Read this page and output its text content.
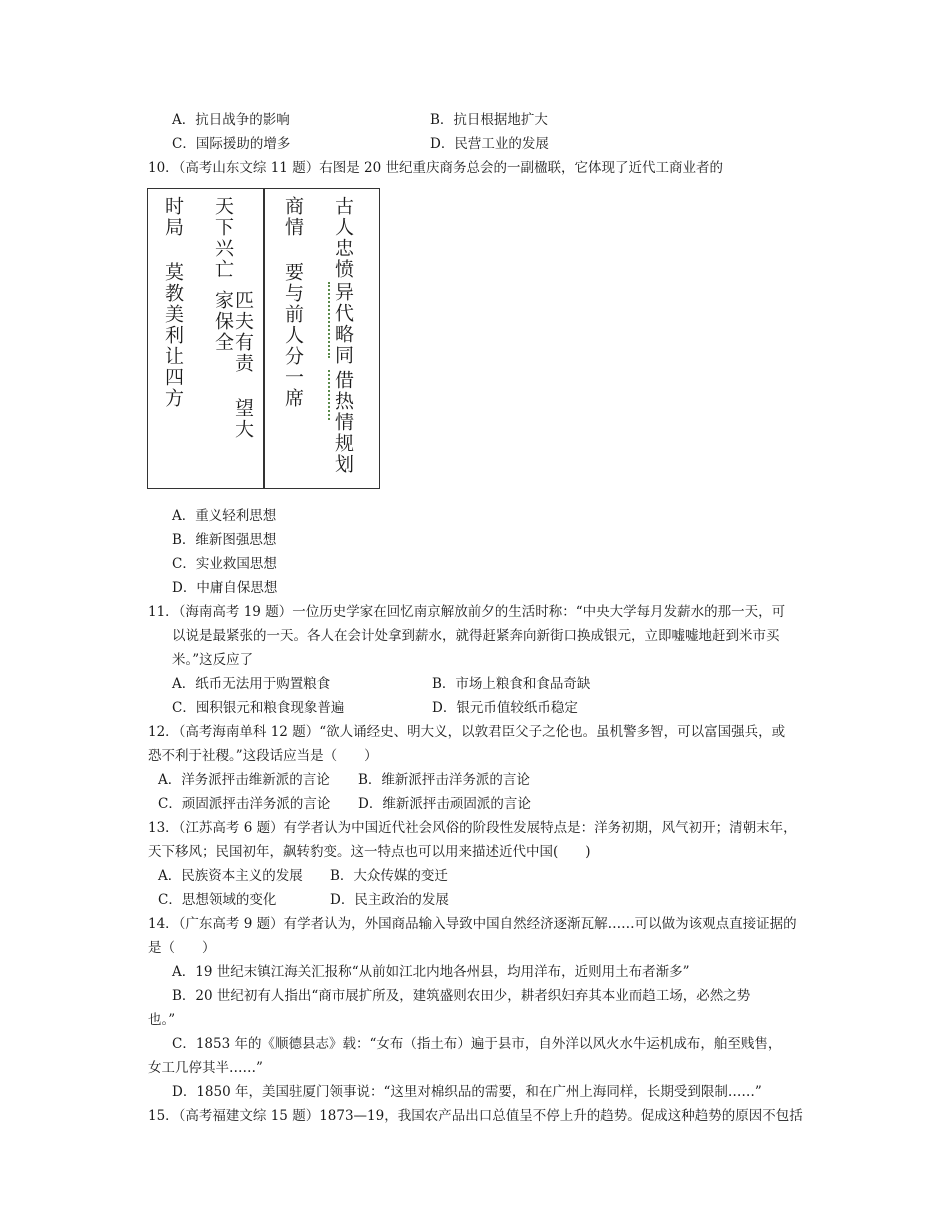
A．抗日战争的影响	B．抗日根据地扩大
C．国际援助的增多	D．民营工业的发展
10．（高考山东文综 11 题）右图是 20 世纪重庆商务总会的一副楹联，它体现了近代工商业者的
时局
莫教美利让四方
天下兴亡
匹夫有责 望大家保全
商情
要与前人分一席
古人忠愤
异代略同
借热情规划
A．重义轻利思想
B．维新图强思想
C．实业救国思想
D．中庸自保思想
11．（海南高考 19 题）一位历史学家在回忆南京解放前夕的生活时称：“中央大学每月发薪水的那一天，可
以说是最紧张的一天。各人在会计处拿到薪水，就得赶紧奔向新街口换成银元，立即嘘嘘地赶到米市买
米。”这反应了
A．纸币无法用于购置粮食	B．市场上粮食和食品奇缺
C．囤积银元和粮食现象普遍	D．银元币值较纸币稳定
12．（高考海南单科 12 题）“欲人诵经史、明大义，以敦君臣父子之伦也。虽机警多智，可以富国强兵，或
恐不利于社稷。”这段话应当是（　　）
A．洋务派抨击维新派的言论 B．维新派抨击洋务派的言论
C．顽固派抨击洋务派的言论 D．维新派抨击顽固派的言论
13．（江苏高考 6 题）有学者认为中国近代社会风俗的阶段性发展特点是：洋务初期，风气初开；清朝末年，
天下移风；民国初年，飙转豹变。这一特点也可以用来描述近代中国(　　)
A．民族资本主义的发展 B．大众传媒的变迁
C．思想领域的变化	D．民主政治的发展
14．（广东高考 9 题）有学者认为，外国商品输入导致中国自然经济逐渐瓦解……可以做为该观点直接证据的
是（　　）
A．19 世纪末镇江海关汇报称“从前如江北内地各州县，均用洋布，近则用土布者渐多”
B．20 世纪初有人指出“商市展扩所及，建筑盛则农田少，耕者织妇弃其本业而趋工场，必然之势
也。”
C．1853 年的《顺德县志》载：“女布（指土布）遍于县市，自外洋以风火水牛运机成布，舶至贱售，
女工几停其半……”
D．1850 年，美国驻厦门领事说：“这里对棉织品的需要，和在广州上海同样，长期受到限制……”
15．（高考福建文综 15 题）1873—19，我国农产品出口总值呈不停上升的趋势。促成这种趋势的原因不包括
